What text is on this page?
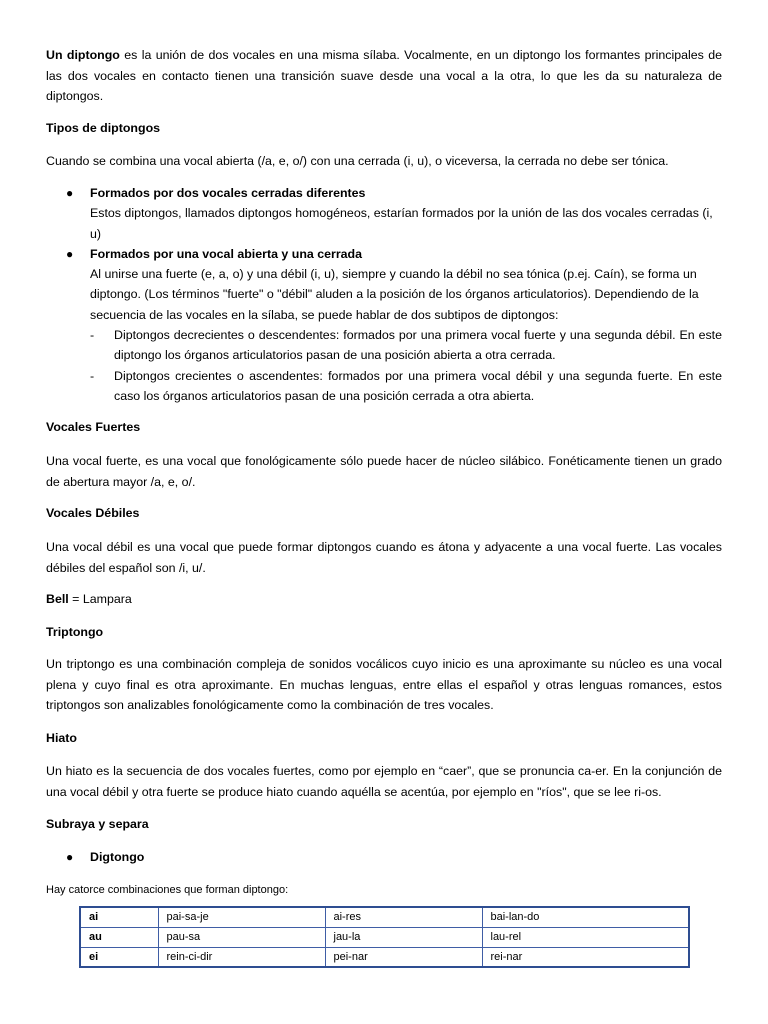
Un diptongo es la unión de dos vocales en una misma sílaba. Vocalmente, en un diptongo los formantes principales de las dos vocales en contacto tienen una transición suave desde una vocal a la otra, lo que les da su naturaleza de diptongos.

Tipos de diptongos
Cuando se combina una vocal abierta (/a, e, o/) con una cerrada (i, u), o viceversa, la cerrada no debe ser tónica.
● Formados por dos vocales cerradas diferentes
Estos diptongos, llamados diptongos homogéneos, estarían formados por la unión de las dos vocales cerradas (i, u)
● Formados por una vocal abierta y una cerrada
Al unirse una fuerte (e, a, o) y una débil (i, u), siempre y cuando la débil no sea tónica (p.ej. Caín), se forma un diptongo. (Los términos "fuerte" o "débil" aluden a la posición de los órganos articulatorios). Dependiendo de la secuencia de las vocales en la sílaba, se puede hablar de dos subtipos de diptongos:
- Diptongos decrecientes o descendentes: formados por una primera vocal fuerte y una segunda débil. En este diptongo los órganos articulatorios pasan de una posición abierta a otra cerrada.
- Diptongos crecientes o ascendentes: formados por una primera vocal débil y una segunda fuerte. En este caso los órganos articulatorios pasan de una posición cerrada a otra abierta.
Vocales Fuertes
Una vocal fuerte, es una vocal que fonológicamente sólo puede hacer de núcleo silábico. Fonéticamente tienen un grado de abertura mayor /a, e, o/.
Vocales Débiles
Una vocal débil es una vocal que puede formar diptongos cuando es átona y adyacente a una vocal fuerte. Las vocales débiles del español son /i, u/.
Bell = Lampara
Triptongo
Un triptongo es una combinación compleja de sonidos vocálicos cuyo inicio es una aproximante su núcleo es una vocal plena y cuyo final es otra aproximante. En muchas lenguas, entre ellas el español y otras lenguas romances, estos triptongos son analizables fonológicamente como la combinación de tres vocales.
Hiato
Un hiato es la secuencia de dos vocales fuertes, como por ejemplo en “caer”, que se pronuncia ca-er. En la conjunción de una vocal débil y otra fuerte se produce hiato cuando aquélla se acentúa, por ejemplo en "ríos", que se lee ri-os.
Subraya y separa
● Digtongo
Hay catorce combinaciones que forman diptongo:
ai	pai-sa-je	ai-res	bai-lan-do
au	pau-sa	jau-la	lau-rel
ei	rein-ci-dir	pei-nar	rei-nar
